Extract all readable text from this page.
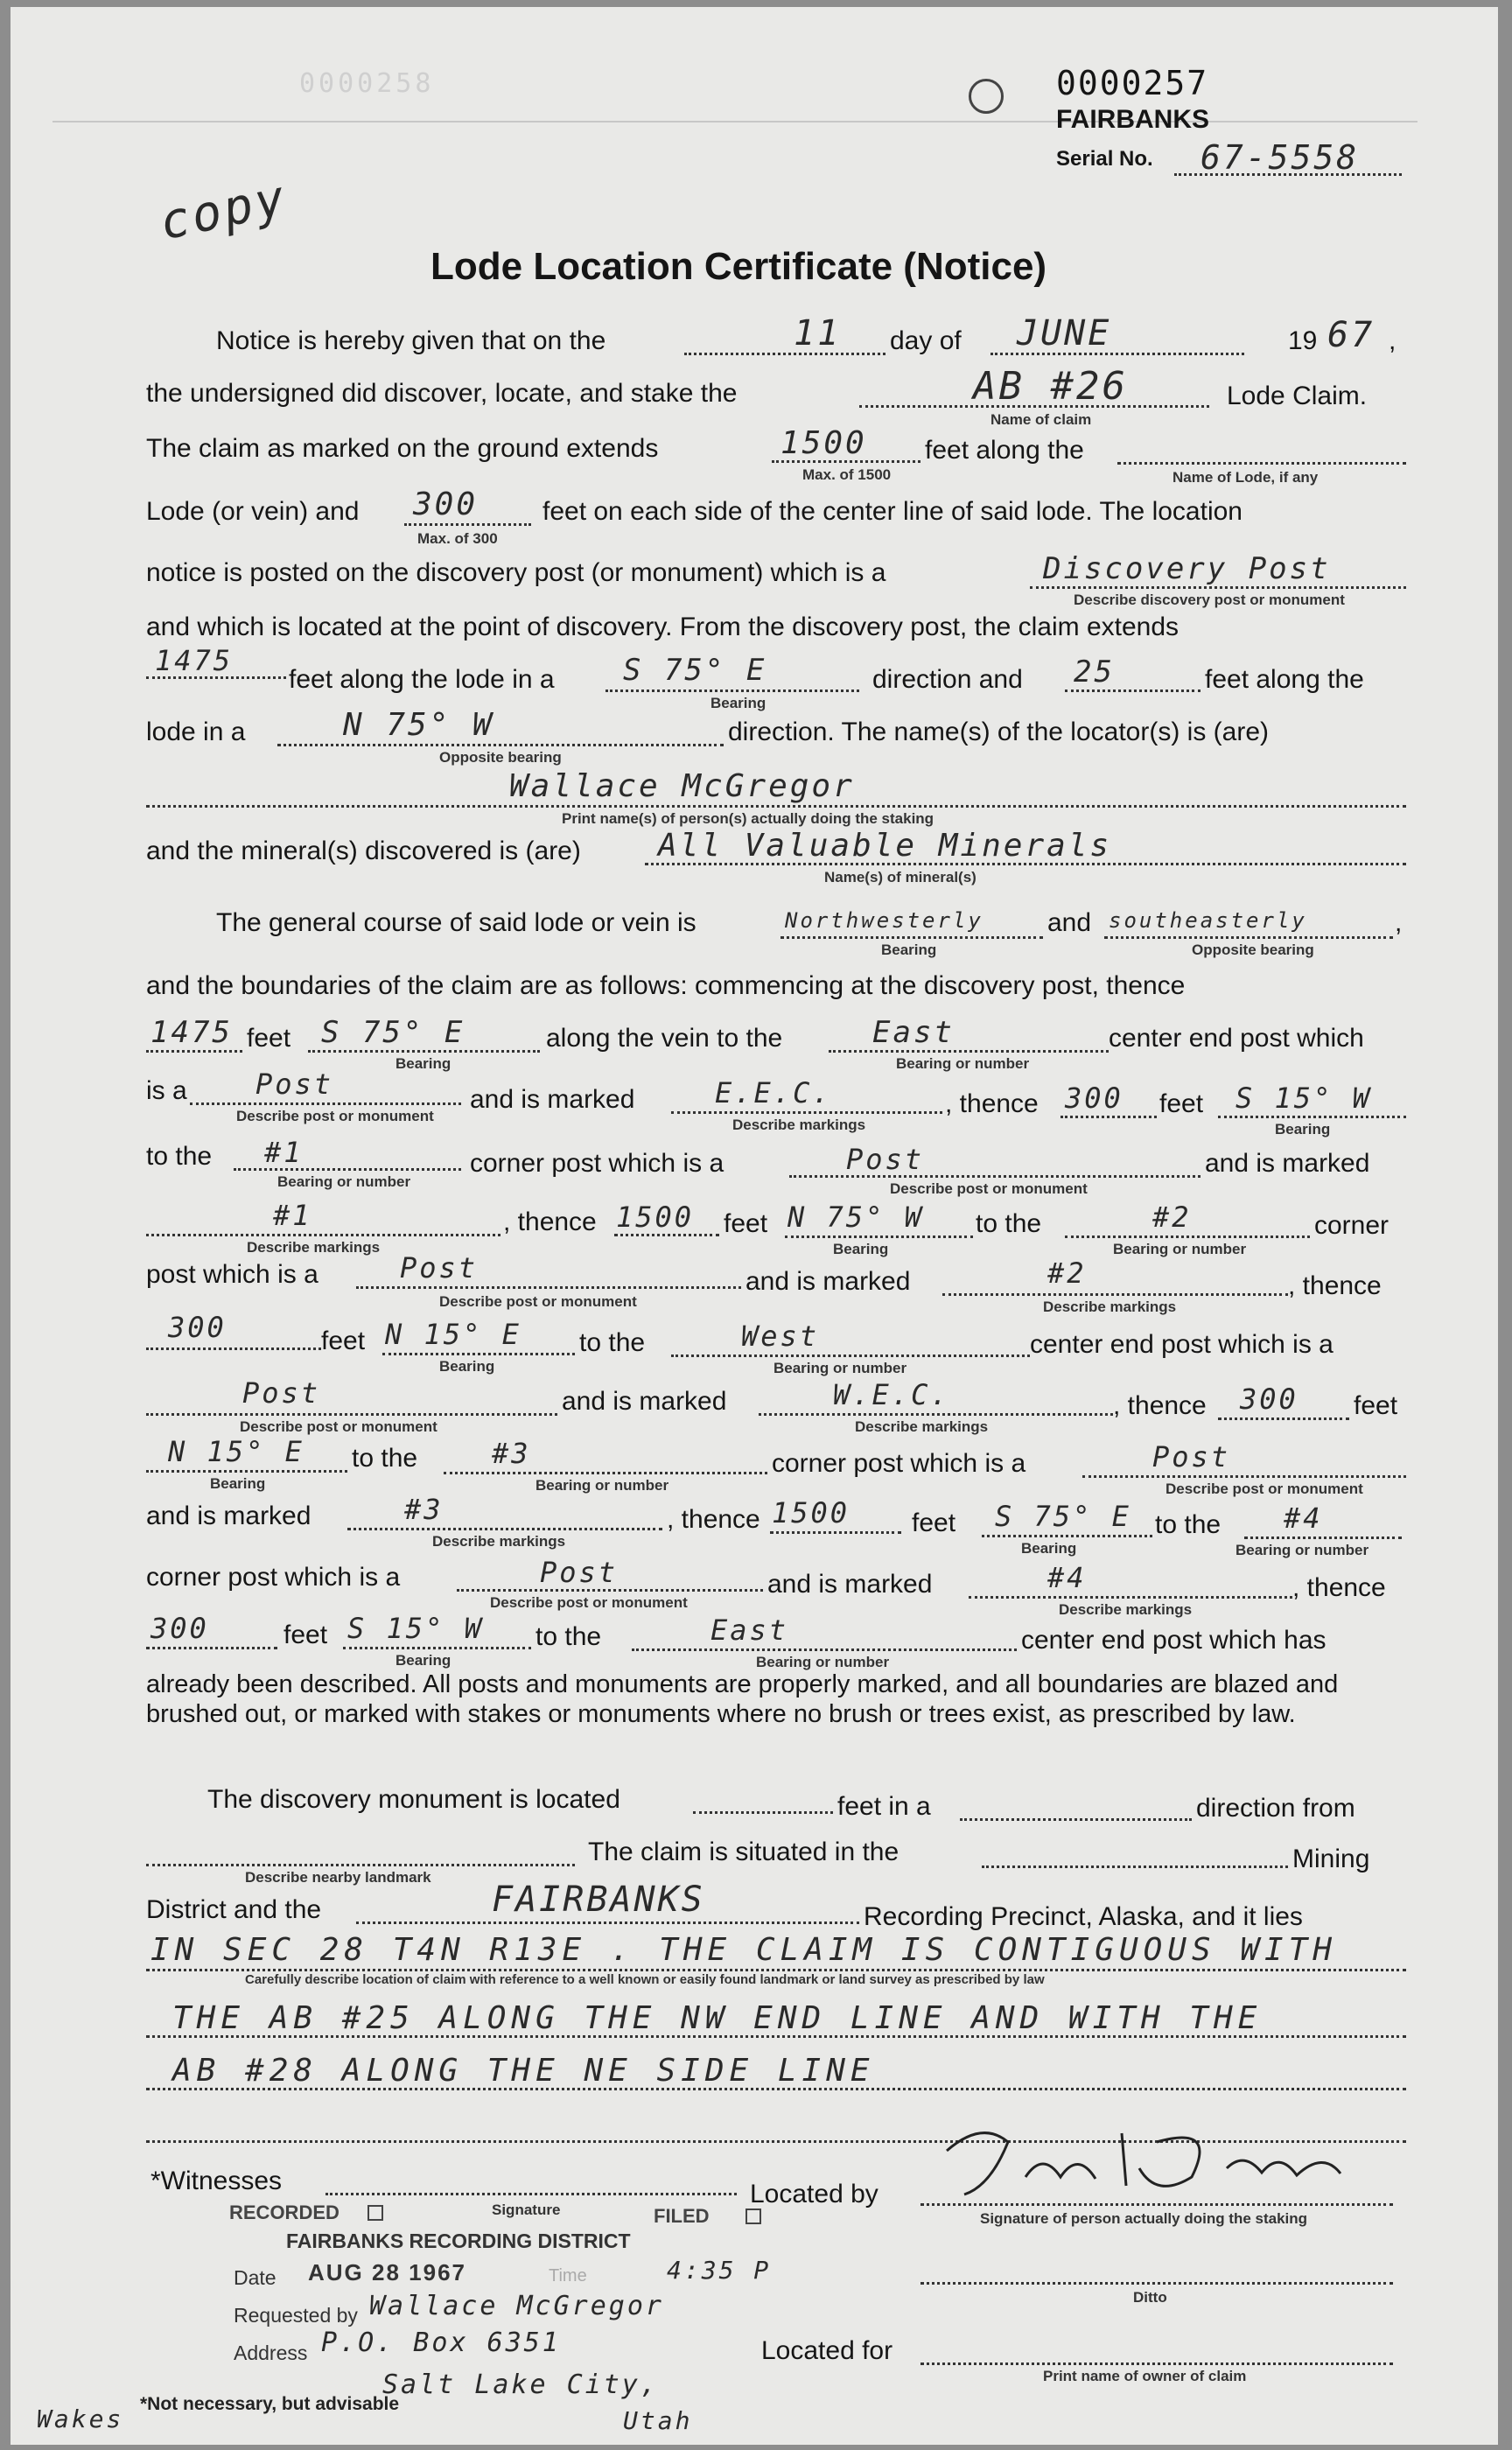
0000258	0000257
FAIRBANKS
Serial No. 67-5558
copy
Lode Location Certificate (Notice)
Notice is hereby given that on the	11 day of JUNE	19 67 ,
the undersigned did discover, locate, and stake the	AB #26
Name of claim
Lode Claim.
The claim as marked on the ground extends	1500
Max. of 1500
feet along the
Name of Lode, if any
Lode (or vein) and 300
Max. of 300
feet on each side of the center line of said lode. The location
notice is posted on the discovery post (or monument) which is a	Discovery Post
Describe discovery post or monument
and which is located at the point of discovery. From the discovery post, the claim extends
1475
feet along the lode in a S 75° E
Bearing
direction and 25	feet along the
lode in a	N 75° W
Opposite bearing
direction. The name(s) of the locator(s) is (are)
Wallace McGregor
Print name(s) of person(s) actually doing the staking
and the mineral(s) discovered is (are) All Valuable Minerals
Name(s) of mineral(s)
The general course of said lode or vein is	Northwesterly
Bearing
and southeasterly
Opposite bearing
,
and the boundaries of the claim are as follows: commencing at the discovery post, thence
1475 feet S 75° E
Bearing
along the vein to the	East
Bearing or number
center end post which
is a Post
Describe post or monument
and is marked	E.E.C.
Describe markings
, thence 300 feet S 15° W
Bearing
to the #1
Bearing or number
corner post which is a	Post
Describe post or monument
and is marked
#1
Describe markings
, thence 1500 feet N 75° W
Bearing
to the	#2
Bearing or number
corner
post which is a	Post
Describe post or monument
and is marked	#2
Describe markings
, thence
300	feet N 15° E
Bearing
to the	West
Bearing or number
center end post which is a
Post
Describe post or monument
and is marked	W.E.C.
Describe markings
, thence 300 feet
N 15° E
Bearing
to the	#3
Bearing or number
corner post which is a	Post
Describe post or monument
and is marked	#3
Describe markings
, thence 1500 feet S 75° E
Bearing
to the #4
Bearing or number
corner post which is a	Post
Describe post or monument
and is marked	#4
Describe markings
, thence
300	feet S 15° W
Bearing
to the	East
Bearing or number
center end post which has
already been described. All posts and monuments are properly marked, and all boundaries are blazed and brushed out, or marked with stakes or monuments where no brush or trees exist, as prescribed by law.
The discovery monument is located	feet in a	direction from
Describe nearby landmark
The claim is situated in the	Mining
District and the	FAIRBANKS	Recording Precinct, Alaska, and it lies
IN SEC 28 T4N R13E . THE CLAIM IS CONTIGUOUS WITH
Carefully describe location of claim with reference to a well known or easily found landmark or land survey as prescribed by law
THE AB #25 ALONG THE NW END LINE AND WITH THE
AB #28 ALONG THE NE SIDE LINE
*Witnesses
Signature
Located by
Signature of person actually doing the staking
RECORDED	FILED
FAIRBANKS RECORDING DISTRICT
Date AUG 28 1967	Time	4:35 P
Ditto
Requested by Wallace McGregor
Address P.O. Box 6351
Salt Lake City,
Utah
Located for
Print name of owner of claim
*Not necessary, but advisable
Wakes
